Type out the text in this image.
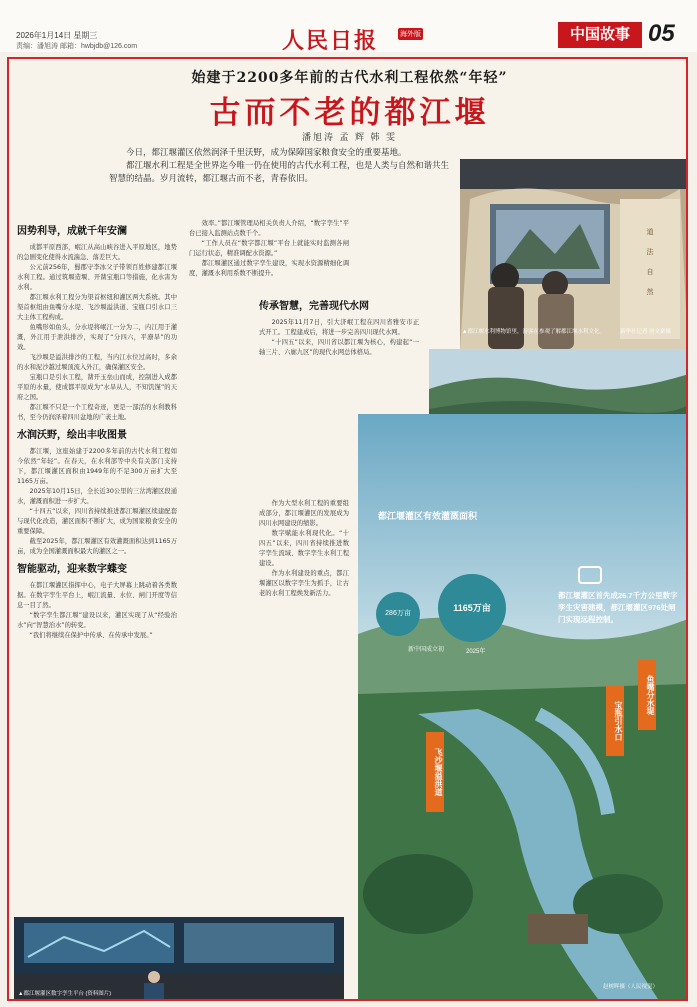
2026年1月14日 星期三
责编：潘旭涛 邮箱：hwbjdb@126.com	人民日报	海外版	中国故事 05
始建于2200多年前的古代水利工程依然“年轻”
古而不老的都江堰
潘旭涛 孟 辉 韩 雯

今日，都江堰灌区依然润泽千里沃野，成为保障国家粮食安全的重要基地。

都江堰水利工程是全世界迄今唯一仍在使用的古代水利工程，也是人类与自然和谐共生智慧的结晶。岁月流转，都江堰古而不老，青春依旧。

道
法
自
然
▲都江堰水利博物馆里，游客在参观了解都江堰水利文化。	新华社记者 唐文豪摄
因势利导，成就千年安澜

成都平原西部，岷江从高山峡谷进入平原地区，地势的急剧变化使得水流湍急、落差巨大。

公元前256年，蜀郡守李冰父子带领百姓修建都江堰水利工程。通过筑堰造堰、开凿宝瓶口等措施，化水害为水利。

都江堰水利工程分为渠首枢纽和灌区两大系统。其中渠首枢纽由鱼嘴分水堤、飞沙堰溢洪道、宝瓶口引水口三大主体工程构成。

鱼嘴形如鱼头，分水堤将岷江一分为二，内江用于灌溉，外江用于泄洪排沙，实现了“分四六，平潦旱”的功效。

飞沙堰是溢洪排沙的工程，当内江水位过高时，多余的水和泥沙越过堰顶流入外江，确保灌区安全。

宝瓶口是引水工程，凿开玉垒山而成，控制进入成都平原的水量，使成都平原成为“水旱从人，不知饥馑”的天府之国。

都江堰不只是一个工程奇迹，更是一部活的水利教科书，至今仍润泽着四川盆地的广袤土地。

水润沃野，绘出丰收图景

都江堰，这座始建于2200多年前的古代水利工程如今依然“年轻”。在春天，在水利部等中央有关部门支持下，都江堰灌区面积由1949年的不足300万亩扩大至1165万亩。

2025年10月15日，全长近30公里的三岔湾灌区段通水，灌溉面积进一步扩大。

“十四五”以来，四川省持续推进都江堰灌区续建配套与现代化改造，灌区面积不断扩大，成为国家粮食安全的重要保障。

截至2025年，都江堰灌区有效灌溉面积达到1165万亩，成为全国灌溉面积最大的灌区之一。

智能驱动，迎来数字蝶变

在都江堰灌区指挥中心，电子大屏幕上跳动着各类数据。在数字孪生平台上，岷江流量、水位、闸门开度等信息一目了然。

“数字孪生都江堰”建设以来，灌区实现了从“经验治水”向“智慧治水”的转变。

“我们将继续在保护中传承、在传承中发展。”

效率。”都江堰管理局相关负责人介绍，“数字孪生”平台已接入监测站点数千个。

“工作人员在“数字都江堰”平台上就能实时监测各闸门运行状态，精准调配水资源。”

都江堰灌区通过数字孪生建设，实现水资源精细化调度，灌溉水利用系数不断提升。

传承智慧，完善现代水网

2025年11月7日，引大济岷工程在四川省雅安市正式开工。工程建成后，将进一步完善四川现代水网。

“十四五”以来，四川省以都江堰为核心，构建起“一轴三片、六廊九区”的现代水网总体格局。

作为大型水利工程的重要组成部分，都江堰灌区的发展成为四川水网建设的缩影。

数字赋能水利现代化。“十四五”以来，四川省持续推进数字孪生流域、数字孪生水利工程建设。

作为水利建设的重点，都江堰灌区以数字孪生为抓手，让古老的水利工程焕发新活力。

都江堰灌区有效灌溉面积
286万亩
1165万亩
新中国成立初	2025年
都江堰灌区首先成26.7千方公里数字孪生灾害建模，都江堰灌区976处闸门实现远程控制。
鱼嘴分水堤
宝瓶引水口
飞沙堰溢洪道
赵树晖摄（人民视觉）
▲都江堰灌区数字孪生平台 (资料图片)
